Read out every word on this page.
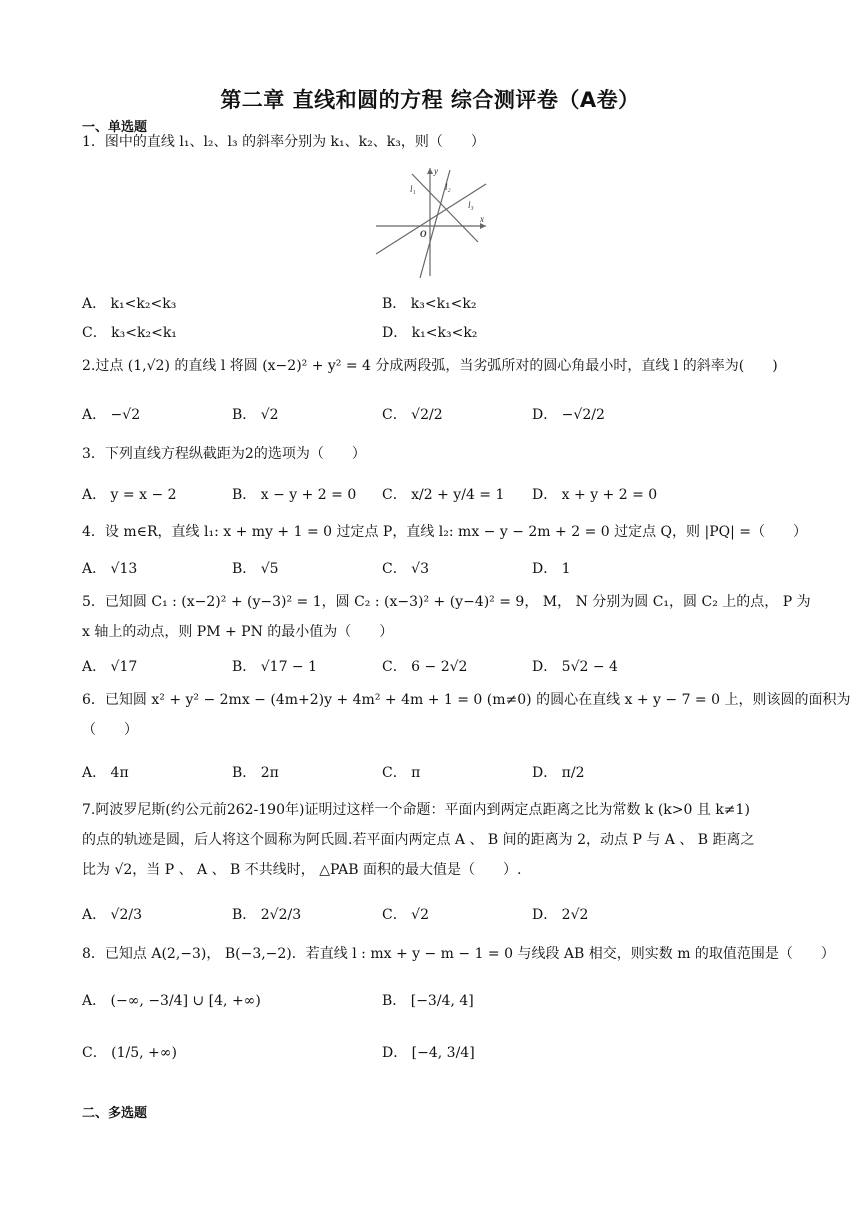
第二章 直线和圆的方程 综合测评卷（A卷）
一、单选题
1．图中的直线 l₁、l₂、l₃ 的斜率分别为 k₁、k₂、k₃，则（　　）
l₁	l₂
l₃
x
y
O
A． k₁<k₂<k₃	B． k₃<k₁<k₂
C． k₃<k₂<k₁	D． k₁<k₃<k₂
2.过点 (1,√2) 的直线 l 将圆 (x−2)² + y² = 4 分成两段弧，当劣弧所对的圆心角最小时，直线 l 的斜率为(　　)
A． −√2	B． √2	C． √2/2	D． −√2/2
3．下列直线方程纵截距为2的选项为（　　）
A． y = x − 2	B． x − y + 2 = 0 C． x/2 + y/4 = 1 D． x + y + 2 = 0
4．设 m∈R，直线 l₁: x + my + 1 = 0 过定点 P，直线 l₂: mx − y − 2m + 2 = 0 过定点 Q，则 |PQ| =（　　）
A． √13	B． √5	C． √3	D． 1
5．已知圆 C₁ : (x−2)² + (y−3)² = 1，圆 C₂ : (x−3)² + (y−4)² = 9， M， N 分别为圆 C₁，圆 C₂ 上的点， P 为
x 轴上的动点，则 PM + PN 的最小值为（　　）
A． √17	B． √17 − 1	C． 6 − 2√2	D． 5√2 − 4
6．已知圆 x² + y² − 2mx − (4m+2)y + 4m² + 4m + 1 = 0 (m≠0) 的圆心在直线 x + y − 7 = 0 上，则该圆的面积为
（　　）
A． 4π	B． 2π	C． π	D． π/2
7.阿波罗尼斯(约公元前262-190年)证明过这样一个命题：平面内到两定点距离之比为常数 k (k>0 且 k≠1)
的点的轨迹是圆，后人将这个圆称为阿氏圆.若平面内两定点 A 、 B 间的距离为 2，动点 P 与 A 、 B 距离之
比为 √2，当 P 、 A 、 B 不共线时， △PAB 面积的最大值是（　　）.
A． √2/3	B． 2√2/3	C． √2	D． 2√2
8．已知点 A(2,−3)， B(−3,−2)．若直线 l : mx + y − m − 1 = 0 与线段 AB 相交，则实数 m 的取值范围是（　　）
A． (−∞, −3/4] ∪ [4, +∞)	B． [−3/4, 4]
C． (1/5, +∞)	D． [−4, 3/4]
二、多选题
